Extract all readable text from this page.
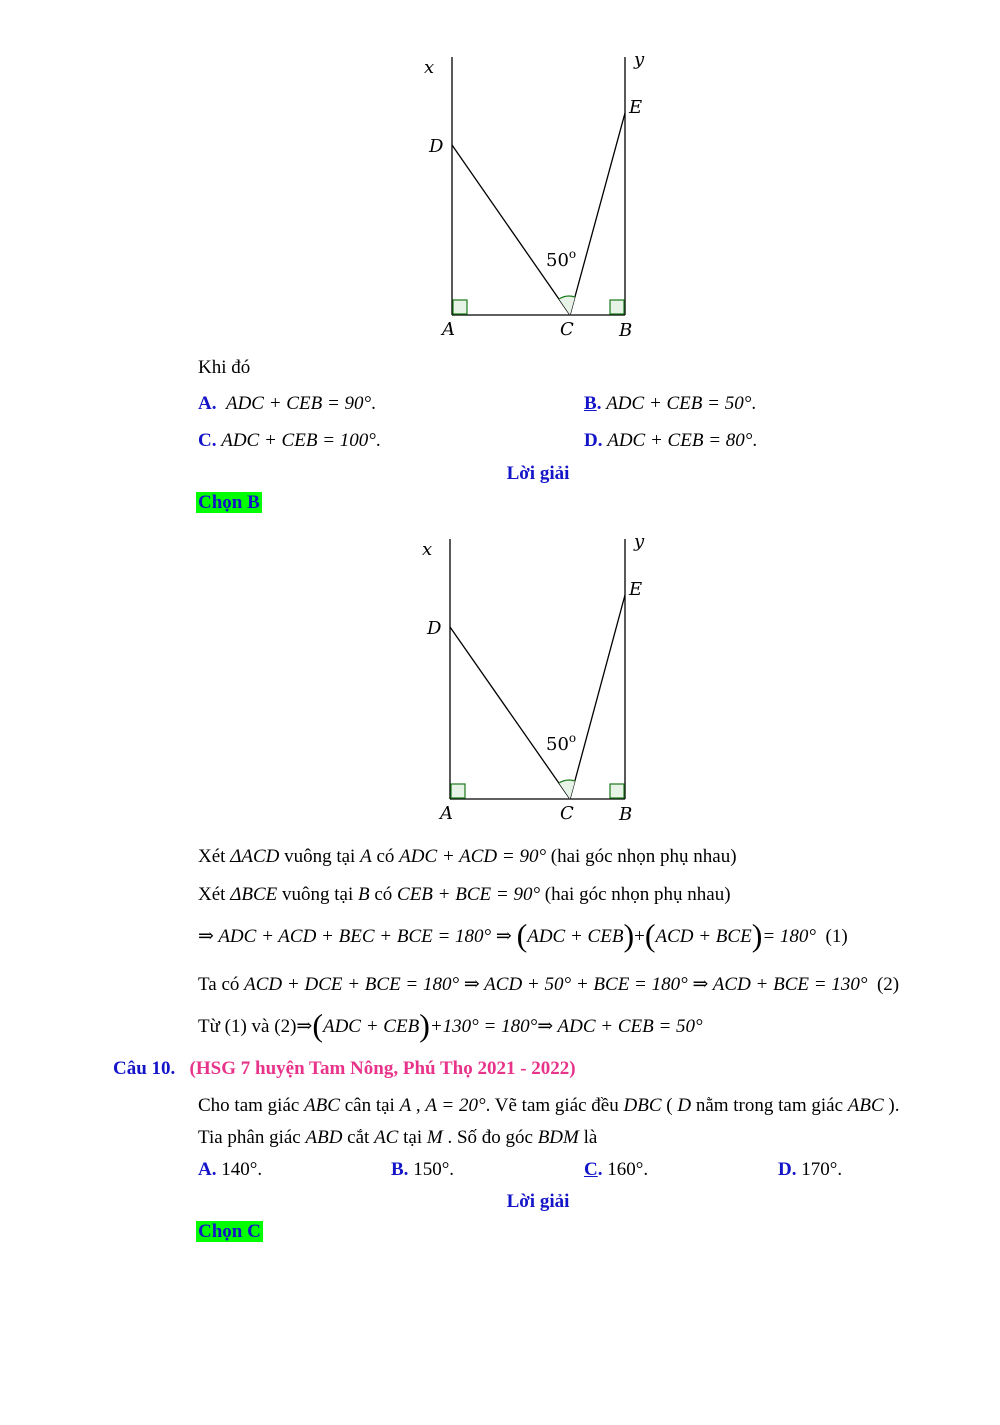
x	y
D
E
A	C	B
50$^o$
Khi đó
A. ADC + CEB = 90°.	B. ADC + CEB = 50°.
C. ADC + CEB = 100°.	D. ADC + CEB = 80°.
Lời giải
Chọn B
x	y
D
E
A	C	B
50$^o$
Xét ΔACD vuông tại A có ADC + ACD = 90° (hai góc nhọn phụ nhau)
Xét ΔBCE vuông tại B có CEB + BCE = 90° (hai góc nhọn phụ nhau)
⇒ ADC + ACD + BEC + BCE = 180° ⇒ (ADC + CEB)+(ACD + BCE)= 180° (1)
Ta có ACD + DCE + BCE = 180° ⇒ ACD + 50° + BCE = 180° ⇒ ACD + BCE = 130° (2)
Từ (1) và (2)⇒(ADC + CEB)+130° = 180°⇒ ADC + CEB = 50°
Câu 10. (HSG 7 huyện Tam Nông, Phú Thọ 2021 - 2022)
Cho tam giác ABC cân tại A , A = 20°. Vẽ tam giác đều DBC ( D nằm trong tam giác ABC ).
Tia phân giác ABD cắt AC tại M . Số đo góc BDM là
A. 140°.	B. 150°.	C. 160°.	D. 170°.
Lời giải
Chọn C
